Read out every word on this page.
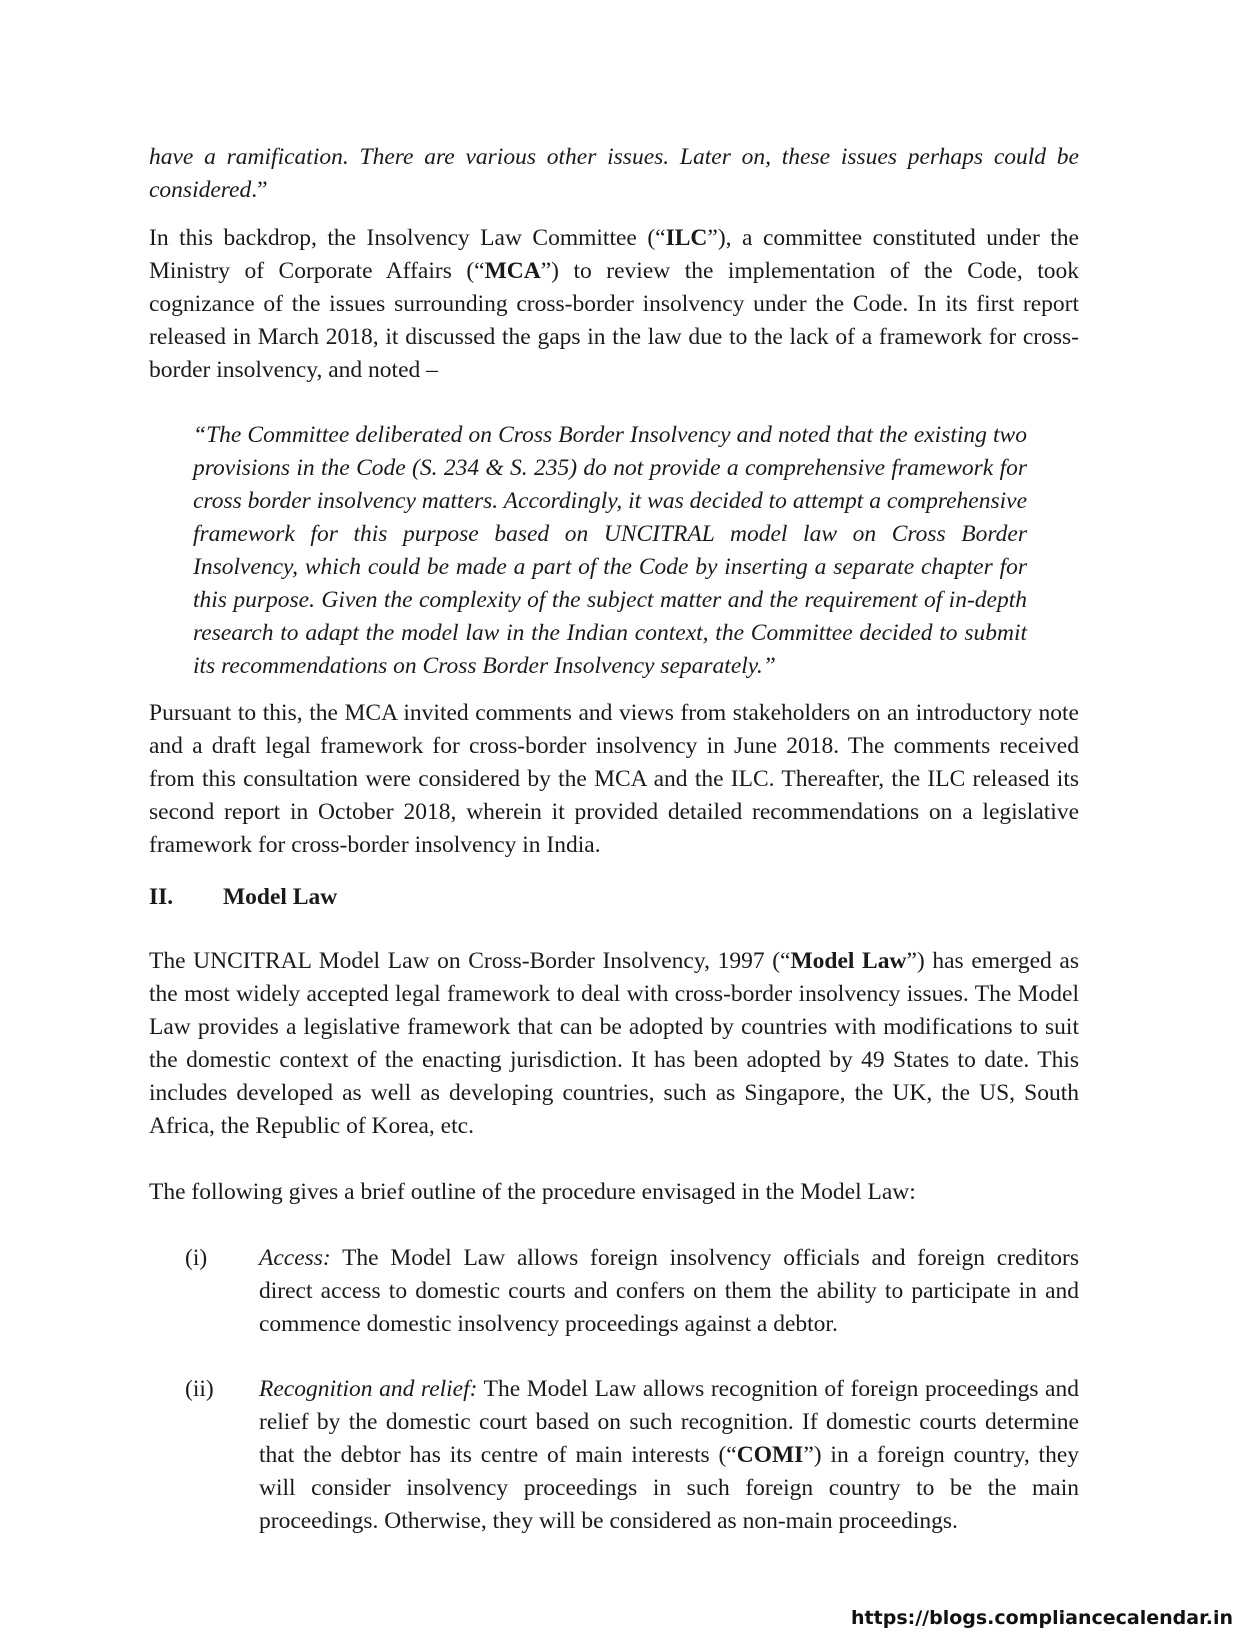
have a ramification. There are various other issues. Later on, these issues perhaps could be considered.”

In this backdrop, the Insolvency Law Committee (“ILC”), a committee constituted under the Ministry of Corporate Affairs (“MCA”) to review the implementation of the Code, took cognizance of the issues surrounding cross-border insolvency under the Code. In its first report released in March 2018, it discussed the gaps in the law due to the lack of a framework for cross-border insolvency, and noted –

“The Committee deliberated on Cross Border Insolvency and noted that the existing two provisions in the Code (S. 234 & S. 235) do not provide a comprehensive framework for cross border insolvency matters. Accordingly, it was decided to attempt a comprehensive framework for this purpose based on UNCITRAL model law on Cross Border Insolvency, which could be made a part of the Code by inserting a separate chapter for this purpose. Given the complexity of the subject matter and the requirement of in-depth research to adapt the model law in the Indian context, the Committee decided to submit its recommendations on Cross Border Insolvency separately.”

Pursuant to this, the MCA invited comments and views from stakeholders on an introductory note and a draft legal framework for cross-border insolvency in June 2018. The comments received from this consultation were considered by the MCA and the ILC. Thereafter, the ILC released its second report in October 2018, wherein it provided detailed recommendations on a legislative framework for cross-border insolvency in India.

II.	Model Law

The UNCITRAL Model Law on Cross-Border Insolvency, 1997 (“Model Law”) has emerged as the most widely accepted legal framework to deal with cross-border insolvency issues. The Model Law provides a legislative framework that can be adopted by countries with modifications to suit the domestic context of the enacting jurisdiction. It has been adopted by 49 States to date. This includes developed as well as developing countries, such as Singapore, the UK, the US, South Africa, the Republic of Korea, etc.

The following gives a brief outline of the procedure envisaged in the Model Law:

(i)	Access: The Model Law allows foreign insolvency officials and foreign creditors direct access to domestic courts and confers on them the ability to participate in and commence domestic insolvency proceedings against a debtor.
(ii)	Recognition and relief: The Model Law allows recognition of foreign proceedings and relief by the domestic court based on such recognition. If domestic courts determine that the debtor has its centre of main interests (“COMI”) in a foreign country, they will consider insolvency proceedings in such foreign country to be the main proceedings. Otherwise, they will be considered as non-main proceedings.
https://blogs.compliancecalendar.in
